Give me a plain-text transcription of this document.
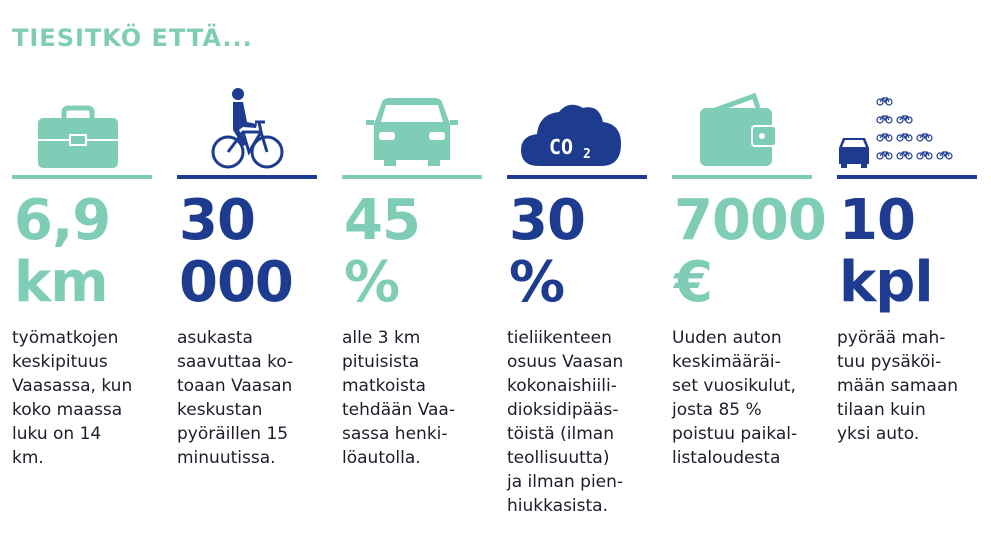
TIESITKÖ ETTÄ...
6,9
km
työmatkojen
keskipituus
Vaasassa, kun
koko maassa
luku on 14
km.
30
000
asukasta
saavuttaa ko-
toaan Vaasan
keskustan
pyöräillen 15
minuutissa.
45
%
alle 3 km
pituisista
matkoista
tehdään Vaa-
sassa henki-
löautolla.
CO 2
30
%
tieliikenteen
osuus Vaasan
kokonaishiili-
dioksidipääs-
töistä (ilman
teollisuutta)
ja ilman pien-
hiukkasista.
7000
€
Uuden auton
keskimääräi-
set vuosikulut,
josta 85 %
poistuu paikal-
listaloudesta
10
kpl
pyörää mah-
tuu pysäköi-
mään samaan
tilaan kuin
yksi auto.
